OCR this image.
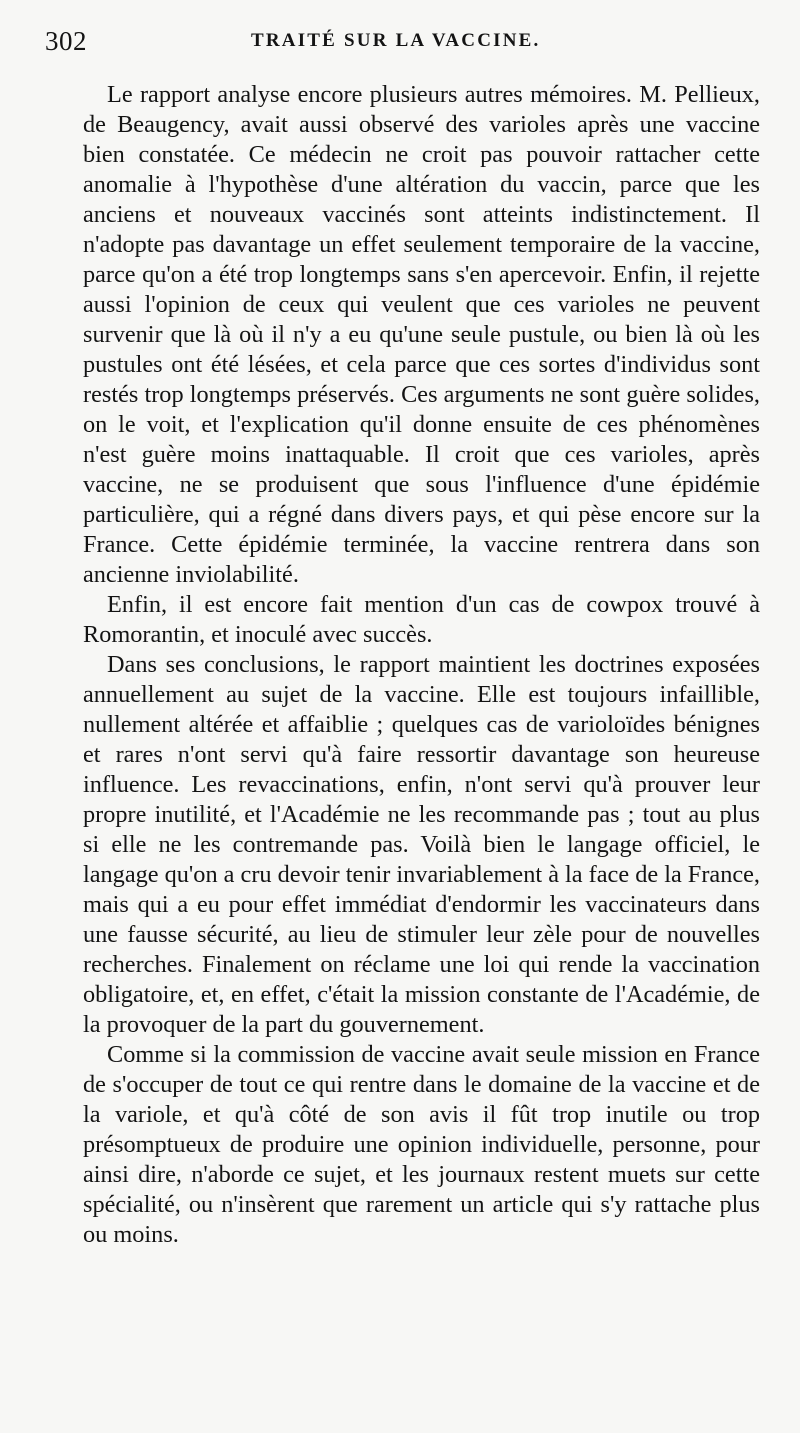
302	TRAITÉ SUR LA VACCINE.

Le rapport analyse encore plusieurs autres mémoires. M. Pellieux, de Beaugency, avait aussi observé des varioles après une vaccine bien constatée. Ce médecin ne croit pas pouvoir rattacher cette anomalie à l'hypothèse d'une altération du vaccin, parce que les anciens et nouveaux vaccinés sont atteints indistinctement. Il n'adopte pas davantage un effet seulement temporaire de la vaccine, parce qu'on a été trop longtemps sans s'en apercevoir. Enfin, il rejette aussi l'opinion de ceux qui veulent que ces varioles ne peuvent survenir que là où il n'y a eu qu'une seule pustule, ou bien là où les pustules ont été lésées, et cela parce que ces sortes d'individus sont restés trop longtemps préservés. Ces arguments ne sont guère solides, on le voit, et l'explication qu'il donne ensuite de ces phénomènes n'est guère moins inattaquable. Il croit que ces varioles, après vaccine, ne se produisent que sous l'influence d'une épidémie particulière, qui a régné dans divers pays, et qui pèse encore sur la France. Cette épidémie terminée, la vaccine rentrera dans son ancienne inviolabilité.

Enfin, il est encore fait mention d'un cas de cowpox trouvé à Romorantin, et inoculé avec succès.

Dans ses conclusions, le rapport maintient les doctrines exposées annuellement au sujet de la vaccine. Elle est toujours infaillible, nullement altérée et affaiblie ; quelques cas de varioloïdes bénignes et rares n'ont servi qu'à faire ressortir davantage son heureuse influence. Les revaccinations, enfin, n'ont servi qu'à prouver leur propre inutilité, et l'Académie ne les recommande pas ; tout au plus si elle ne les contremande pas. Voilà bien le langage officiel, le langage qu'on a cru devoir tenir invariablement à la face de la France, mais qui a eu pour effet immédiat d'endormir les vaccinateurs dans une fausse sécurité, au lieu de stimuler leur zèle pour de nouvelles recherches. Finalement on réclame une loi qui rende la vaccination obligatoire, et, en effet, c'était la mission constante de l'Académie, de la provoquer de la part du gouvernement.

Comme si la commission de vaccine avait seule mission en France de s'occuper de tout ce qui rentre dans le domaine de la vaccine et de la variole, et qu'à côté de son avis il fût trop inutile ou trop présomptueux de produire une opinion individuelle, personne, pour ainsi dire, n'aborde ce sujet, et les journaux restent muets sur cette spécialité, ou n'insèrent que rarement un article qui s'y rattache plus ou moins.
